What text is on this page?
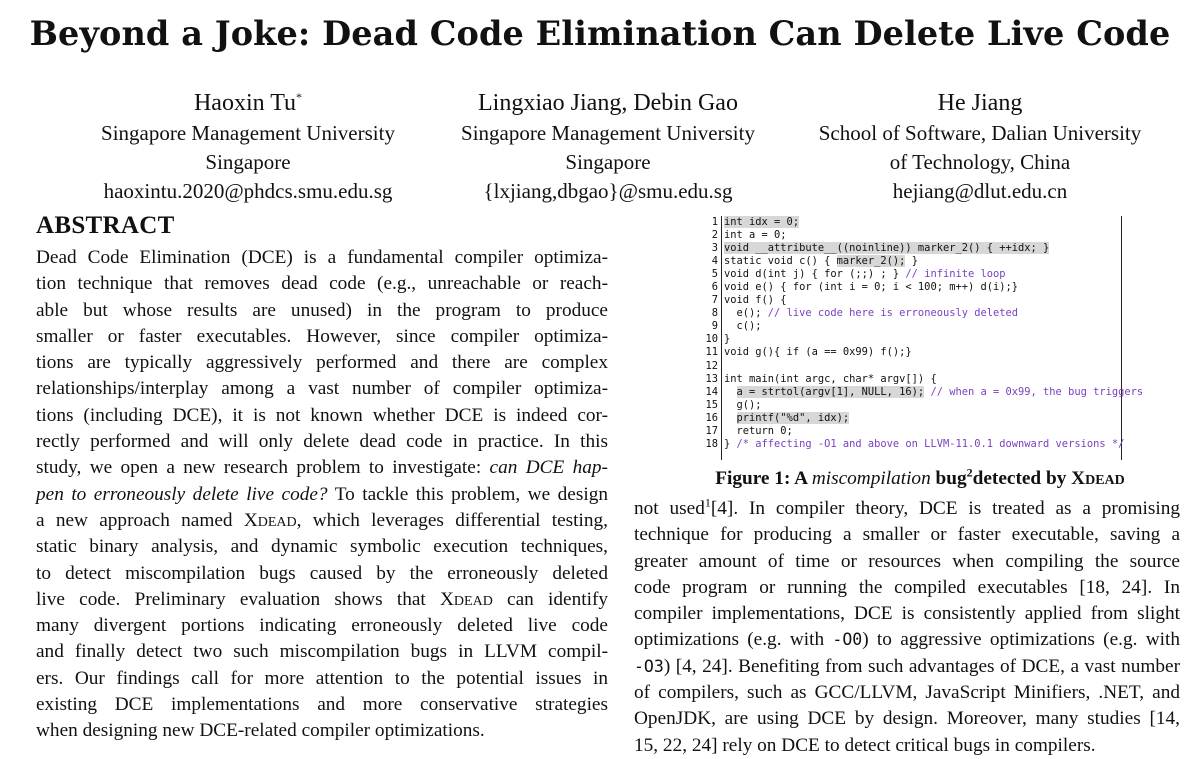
Beyond a Joke: Dead Code Elimination Can Delete Live Code
Haoxin Tu*
Singapore Management University
Singapore
haoxintu.2020@phdcs.smu.edu.sg
Lingxiao Jiang, Debin Gao
Singapore Management University
Singapore
{lxjiang,dbgao}@smu.edu.sg
He Jiang
School of Software, Dalian University
of Technology, China
hejiang@dlut.edu.cn
ABSTRACT
Dead Code Elimination (DCE) is a fundamental compiler optimiza-
tion technique that removes dead code (e.g., unreachable or reach-
able but whose results are unused) in the program to produce
smaller or faster executables. However, since compiler optimiza-
tions are typically aggressively performed and there are complex
relationships/interplay among a vast number of compiler optimiza-
tions (including DCE), it is not known whether DCE is indeed cor-
rectly performed and will only delete dead code in practice. In this
study, we open a new research problem to investigate: can DCE hap-
pen to erroneously delete live code? To tackle this problem, we design
a new approach named Xdead, which leverages differential testing,
static binary analysis, and dynamic symbolic execution techniques,
to detect miscompilation bugs caused by the erroneously deleted
live code. Preliminary evaluation shows that Xdead can identify
many divergent portions indicating erroneously deleted live code
and finally detect two such miscompilation bugs in LLVM compil-
ers. Our findings call for more attention to the potential issues in
existing DCE implementations and more conservative strategies
when designing new DCE-related compiler optimizations.
1 int idx = 0;
2 int a = 0;
3 void __attribute__((noinline)) marker_2() { ++idx; }
4 static void c() { marker_2(); }
5 void d(int j) { for (;;) ; } // infinite loop
6 void e() { for (int i = 0; i < 100; m++) d(i);}
7 void f() {
8 e(); // live code here is erroneously deleted
9 c();
10 }
11 void g(){ if (a == 0x99) f();}
12
13 int main(int argc, char* argv[]) {
14	a = strtol(argv[1], NULL, 16); // when a = 0x99, the bug triggers
15 g();
16	printf("%d", idx);
17 return 0;
18 } /* affecting -O1 and above on LLVM-11.0.1 downward versions */
Figure 1: A miscompilation bug$^2$detected by Xdead
not used$^1$[4]. In compiler theory, DCE is treated as a promising
technique for producing a smaller or faster executable, saving a
greater amount of time or resources when compiling the source
code program or running the compiled executables [18, 24]. In
compiler implementations, DCE is consistently applied from slight
optimizations (e.g. with -O0) to aggressive optimizations (e.g. with
-O3) [4, 24]. Benefiting from such advantages of DCE, a vast number
of compilers, such as GCC/LLVM, JavaScript Minifiers, .NET, and
OpenJDK, are using DCE by design. Moreover, many studies [14,
15, 22, 24] rely on DCE to detect critical bugs in compilers.
